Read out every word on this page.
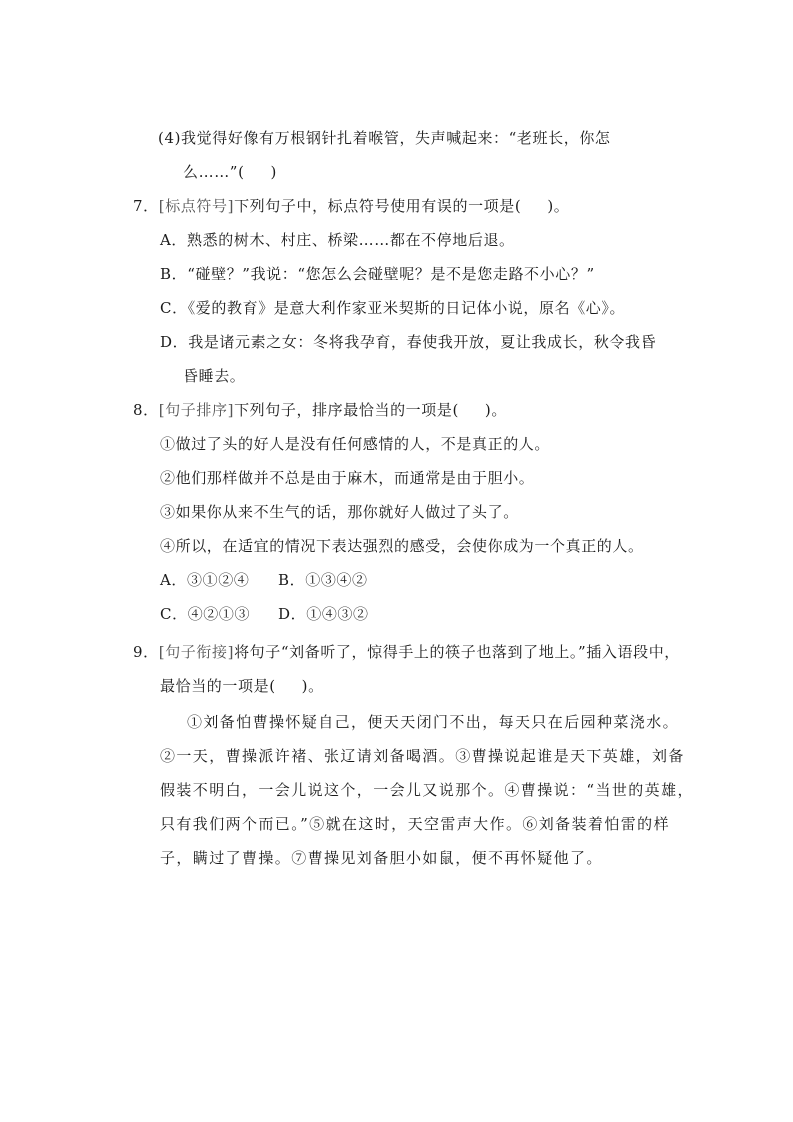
(4)我觉得好像有万根钢针扎着喉管，失声喊起来：“老班长，你怎
么……”( )
7．[标点符号]下列句子中，标点符号使用有误的一项是( )。
A．熟悉的树木、村庄、桥梁……都在不停地后退。
B．“碰壁？”我说：“您怎么会碰壁呢？是不是您走路不小心？”
C．《爱的教育》是意大利作家亚米契斯的日记体小说，原名《心》。
D．我是诸元素之女：冬将我孕育，春使我开放，夏让我成长，秋令我昏
昏睡去。
8．[句子排序]下列句子，排序最恰当的一项是( )。
①做过了头的好人是没有任何感情的人，不是真正的人。
②他们那样做并不总是由于麻木，而通常是由于胆小。
③如果你从来不生气的话，那你就好人做过了头了。
④所以，在适宜的情况下表达强烈的感受，会使你成为一个真正的人。
A．③①②④ B．①③④②
C．④②①③ D．①④③②
9．[句子衔接]将句子“刘备听了，惊得手上的筷子也落到了地上。”插入语段中，
最恰当的一项是( )。
①刘备怕曹操怀疑自己，便天天闭门不出，每天只在后园种菜浇水。
②一天，曹操派许褚、张辽请刘备喝酒。③曹操说起谁是天下英雄，刘备
假装不明白，一会儿说这个，一会儿又说那个。④曹操说：“当世的英雄，
只有我们两个而已。”⑤就在这时，天空雷声大作。⑥刘备装着怕雷的样
子，瞒过了曹操。⑦曹操见刘备胆小如鼠，便不再怀疑他了。
